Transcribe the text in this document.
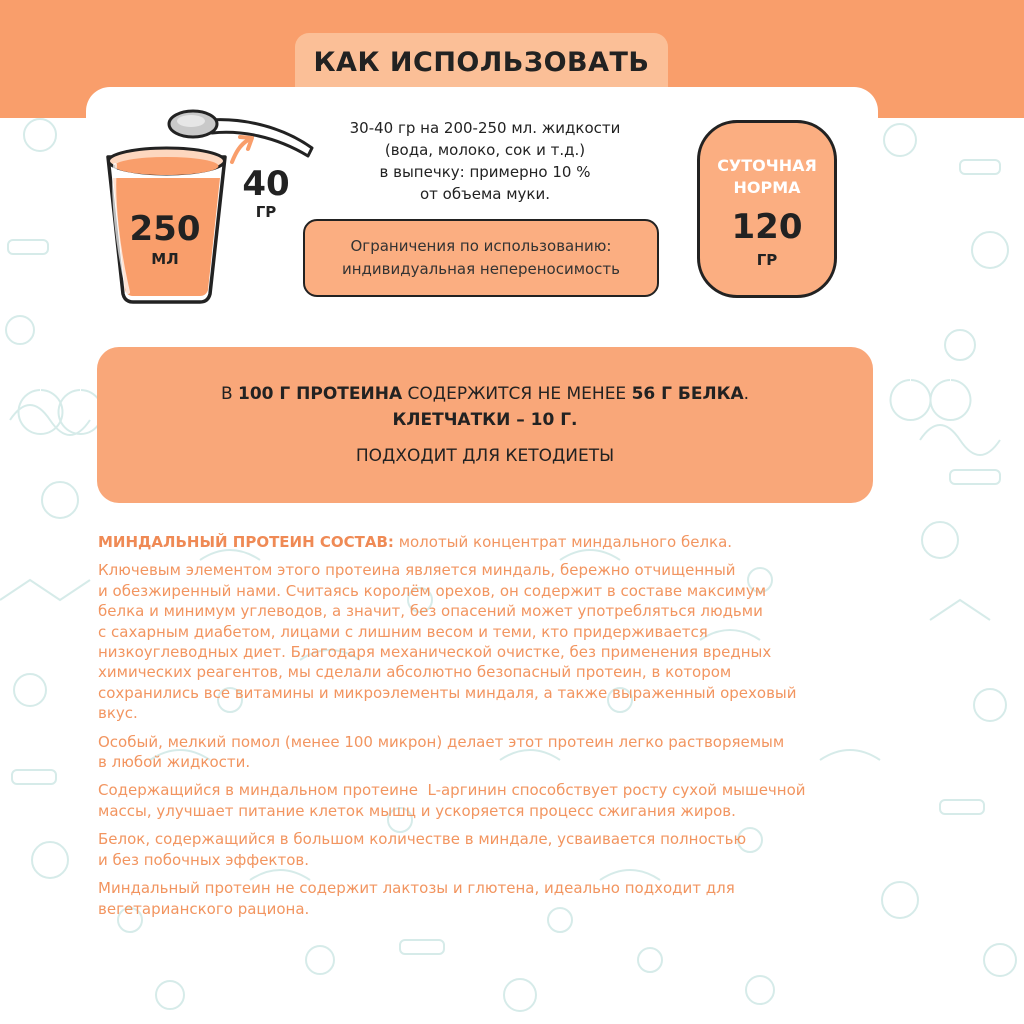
КАК ИСПОЛЬЗОВАТЬ
250
МЛ
40
ГР
30-40 гр на 200-250 мл. жидкости
(вода, молоко, сок и т.д.)
в выпечку: примерно 10 %
от объема муки.
Ограничения по использованию:
индивидуальная непереносимость
СУТОЧНАЯ
НОРМА
120
ГР
В 100 Г ПРОТЕИНА СОДЕРЖИТСЯ НЕ МЕНЕЕ 56 Г БЕЛКА.
КЛЕТЧАТКИ – 10 Г.
ПОДХОДИТ ДЛЯ КЕТОДИЕТЫ

МИНДАЛЬНЫЙ ПРОТЕИН СОСТАВ: молотый концентрат миндального белка.

Ключевым элементом этого протеина является миндаль, бережно отчищенный
и обезжиренный нами. Считаясь королём орехов, он содержит в составе максимум
белка и минимум углеводов, а значит, без опасений может употребляться людьми
с сахарным диабетом, лицами с лишним весом и теми, кто придерживается
низкоуглеводных диет. Благодаря механической очистке, без применения вредных
химических реагентов, мы сделали абсолютно безопасный протеин, в котором
сохранились все витамины и микроэлементы миндаля, а также выраженный ореховый
вкус.

Особый, мелкий помол (менее 100 микрон) делает этот протеин легко растворяемым
в любой жидкости.

Содержащийся в миндальном протеине  L-аргинин способствует росту сухой мышечной
массы, улучшает питание клеток мышц и ускоряется процесс сжигания жиров.

Белок, содержащийся в большом количестве в миндале, усваивается полностью
и без побочных эффектов.

Миндальный протеин не содержит лактозы и глютена, идеально подходит для
вегетарианского рациона.
